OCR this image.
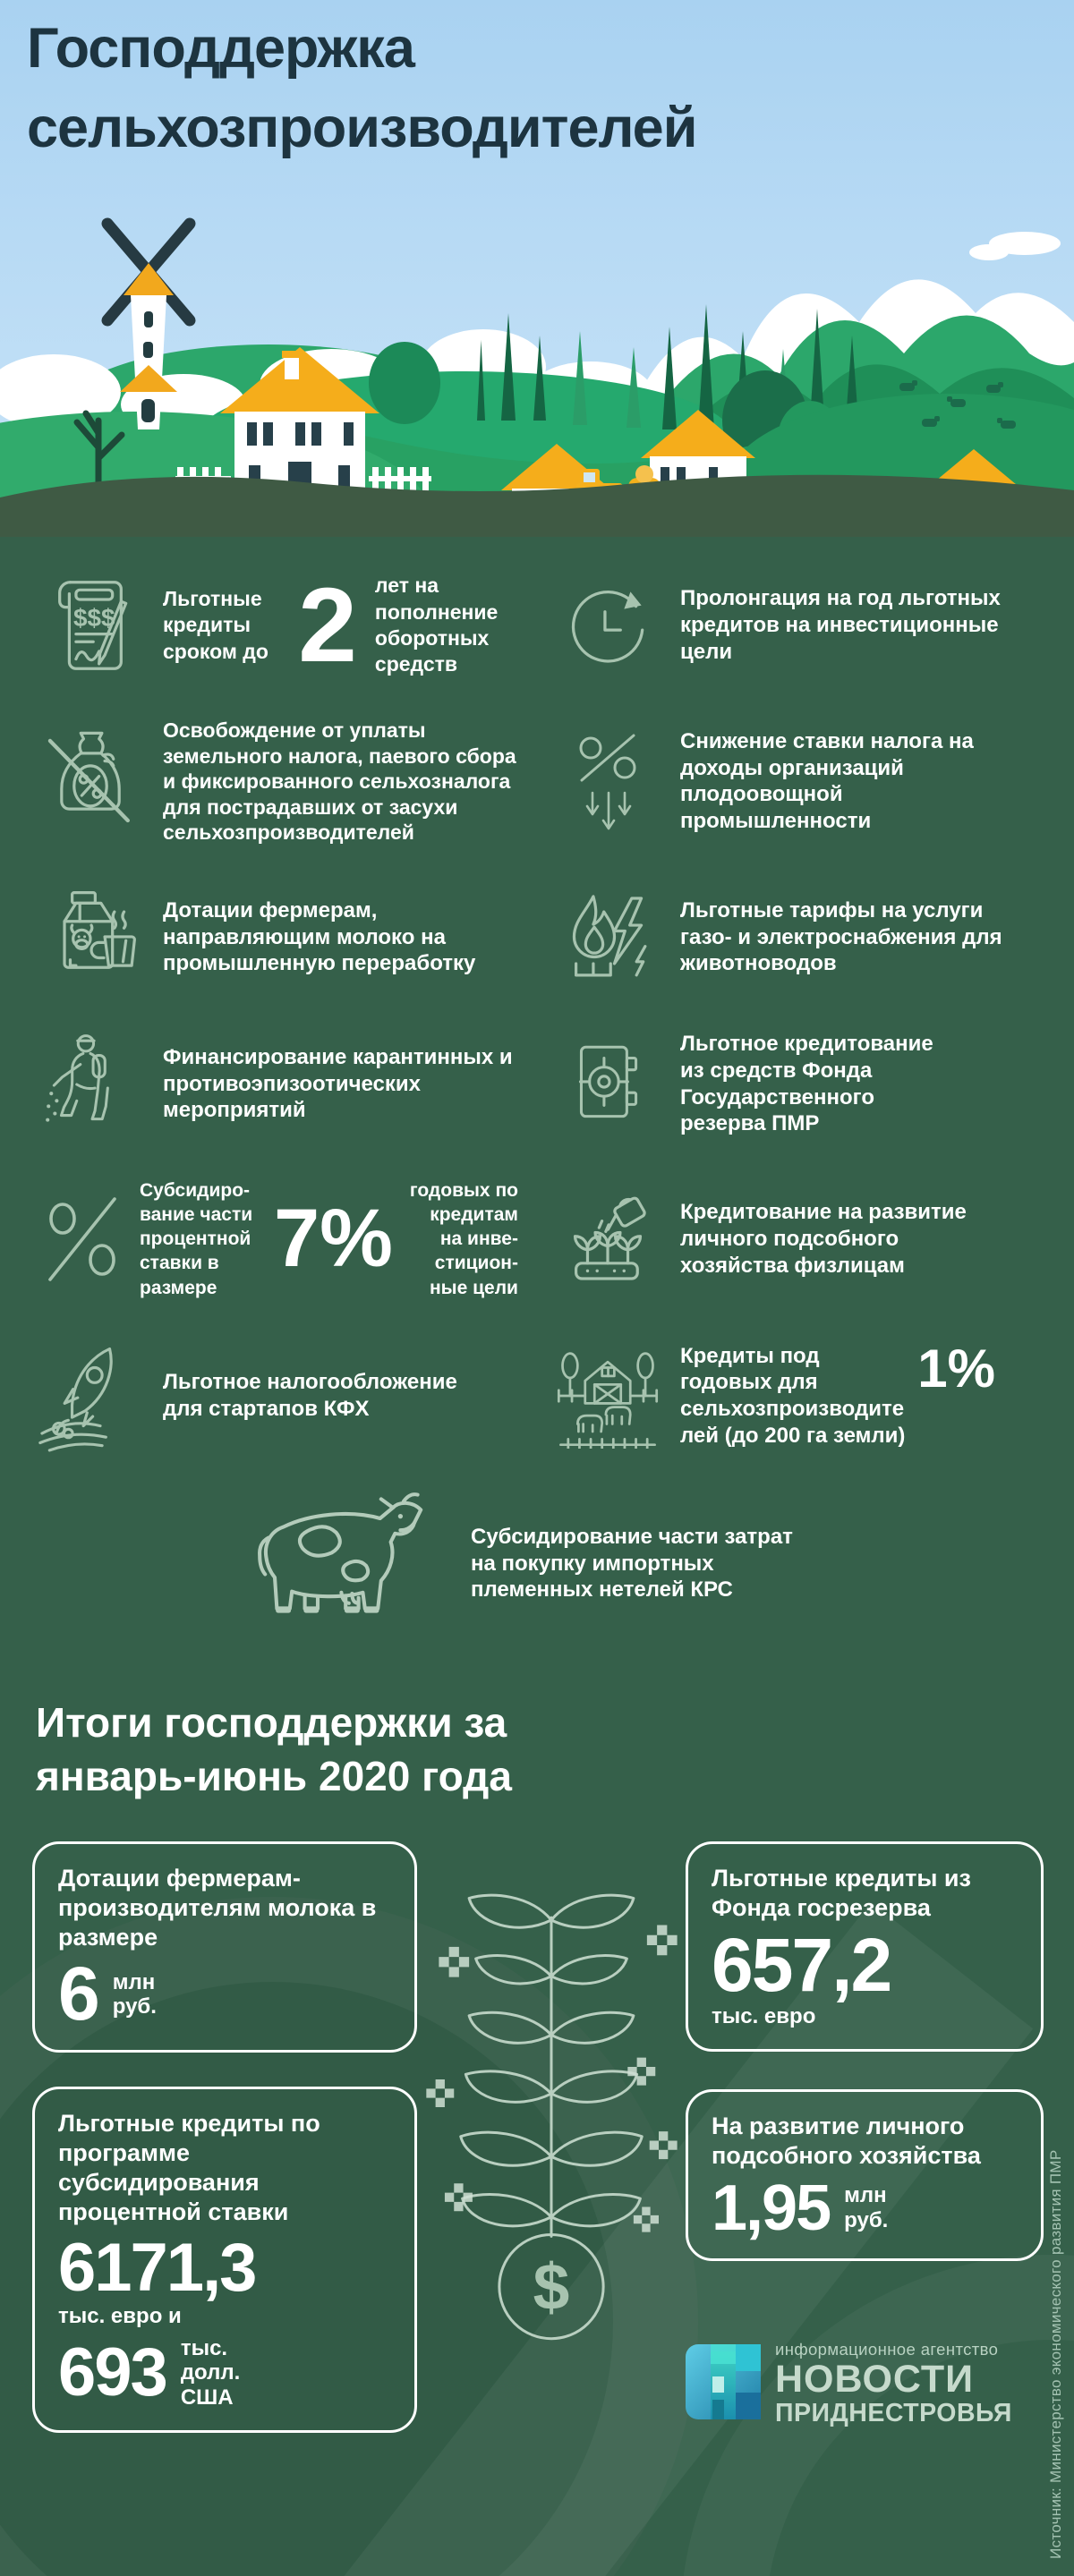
Господдержка
сельхозпроизводителей
$$$
Льготные кредиты сроком до 2 лет на пополнение оборотных средств
Пролонгация на год льготных кредитов на инвестиционные цели
Освобождение от уплаты земельного налога, паевого сбора и фиксированного сельхозналога для пострадавших от засухи сельхозпроизводителей
Снижение ставки налога на доходы организаций плодоовощной промышленности
Дотации фермерам, направляющим молоко на промышленную переработку
Льготные тарифы на услуги газо- и электроснабжения для животноводов
Финансирование карантинных и противоэпизоотических мероприятий
Льготное кредитование из средств Фонда Государственного резерва ПМР
Субсидиро- вание части процентной ставки в размере
7%
годовых по кредитам на инве- стицион- ные цели
Кредитование на развитие личного подсобного хозяйства физлицам
Льготное налогообложение для стартапов КФХ

1%
Кредиты под годовых для сельхозпроизводите лей (до 200 га земли)

Субсидирование части затрат на покупку импортных племенных нетелей КРС
Итоги господдержки за январь-июнь 2020 года
Дотации фермерам- производителям молока в размере
6 млн руб.
Льготные кредиты по программе субсидирования процентной ставки
6171,3
тыс. евро и
693 тыс. долл. США
$
Льготные кредиты из Фонда госрезерва
657,2
тыс. евро
На развитие личного подсобного хозяйства
1,95 млн руб.
информационное агентство
НОВОСТИ
ПРИДНЕСТРОВЬЯ Источник: Министерство экономического развития ПМР
